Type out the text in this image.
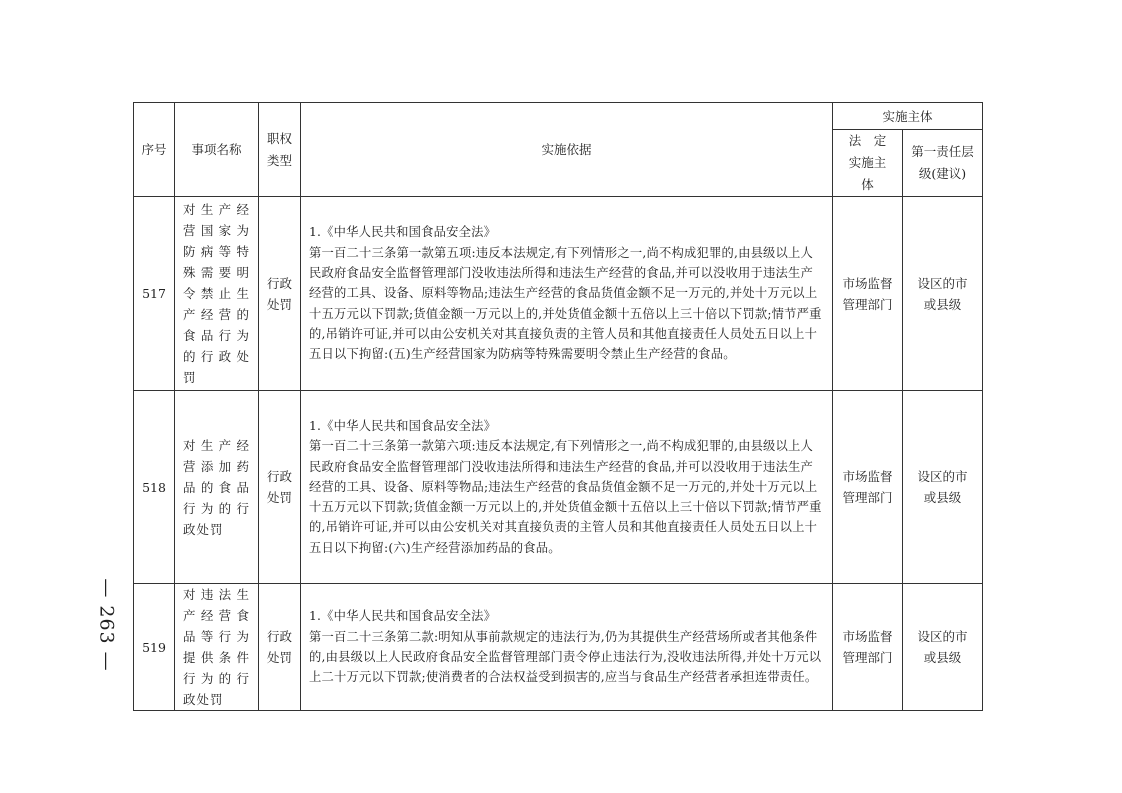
— 263 —
序号	事项名称	职权类型	实施依据	实施主体	
				法　定实施主体	第一责任层级(建议)
517	对生产经营国家为防病等特殊需要明令禁止生产经营的食品行为的行政处罚	行政处罚	1.《中华人民共和国食品安全法》
第一百二十三条第一款第五项:违反本法规定,有下列情形之一,尚不构成犯罪的,由县级以上人民政府食品安全监督管理部门没收违法所得和违法生产经营的食品,并可以没收用于违法生产经营的工具、设备、原料等物品;违法生产经营的食品货值金额不足一万元的,并处十万元以上十五万元以下罚款;货值金额一万元以上的,并处货值金额十五倍以上三十倍以下罚款;情节严重的,吊销许可证,并可以由公安机关对其直接负责的主管人员和其他直接责任人员处五日以上十五日以下拘留:(五)生产经营国家为防病等特殊需要明令禁止生产经营的食品。	市场监督管理部门	设区的市或县级
518	对生产经营添加药品的食品行为的行政处罚	行政处罚	1.《中华人民共和国食品安全法》
第一百二十三条第一款第六项:违反本法规定,有下列情形之一,尚不构成犯罪的,由县级以上人民政府食品安全监督管理部门没收违法所得和违法生产经营的食品,并可以没收用于违法生产经营的工具、设备、原料等物品;违法生产经营的食品货值金额不足一万元的,并处十万元以上十五万元以下罚款;货值金额一万元以上的,并处货值金额十五倍以上三十倍以下罚款;情节严重的,吊销许可证,并可以由公安机关对其直接负责的主管人员和其他直接责任人员处五日以上十五日以下拘留:(六)生产经营添加药品的食品。	市场监督管理部门	设区的市或县级
519	对违法生产经营食品等行为提供条件行为的行政处罚	行政处罚	1.《中华人民共和国食品安全法》
第一百二十三条第二款:明知从事前款规定的违法行为,仍为其提供生产经营场所或者其他条件的,由县级以上人民政府食品安全监督管理部门责令停止违法行为,没收违法所得,并处十万元以上二十万元以下罚款;使消费者的合法权益受到损害的,应当与食品生产经营者承担连带责任。	市场监督管理部门	设区的市或县级
